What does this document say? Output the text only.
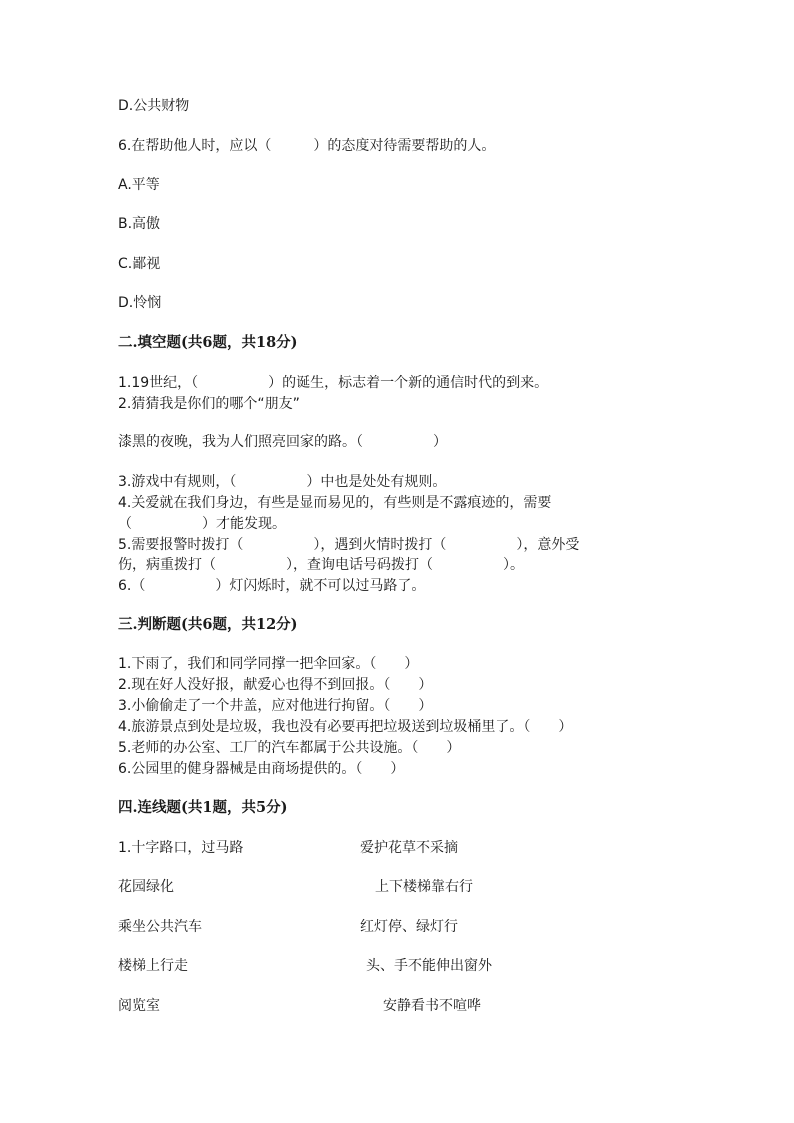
D.公共财物
6.在帮助他人时，应以（　　　）的态度对待需要帮助的人。
A.平等
B.高傲
C.鄙视
D.怜悯
二.填空题(共6题，共18分)
1.19世纪，（　　　　　）的诞生，标志着一个新的通信时代的到来。
2.猜猜我是你们的哪个“朋友”
漆黑的夜晚，我为人们照亮回家的路。（　　　　　）
3.游戏中有规则，（　　　　　）中也是处处有规则。
4.关爱就在我们身边，有些是显而易见的，有些则是不露痕迹的，需要
（　　　　　）才能发现。
5.需要报警时拨打（　　　　　），遇到火情时拨打（　　　　　），意外受
伤，病重拨打（　　　　　），查询电话号码拨打（　　　　　）。
6.（　　　　　）灯闪烁时，就不可以过马路了。
三.判断题(共6题，共12分)
1.下雨了，我们和同学同撑一把伞回家。（　　）
2.现在好人没好报，献爱心也得不到回报。（　　）
3.小偷偷走了一个井盖，应对他进行拘留。（　　）
4.旅游景点到处是垃圾，我也没有必要再把垃圾送到垃圾桶里了。（　　）
5.老师的办公室、工厂的汽车都属于公共设施。（　　）
6.公园里的健身器械是由商场提供的。（　　）
四.连线题(共1题，共5分)
1.十字路口，过马路	爱护花草不采摘
花园绿化	上下楼梯靠右行
乘坐公共汽车	红灯停、绿灯行
楼梯上行走	头、手不能伸出窗外
阅览室	安静看书不喧哗
